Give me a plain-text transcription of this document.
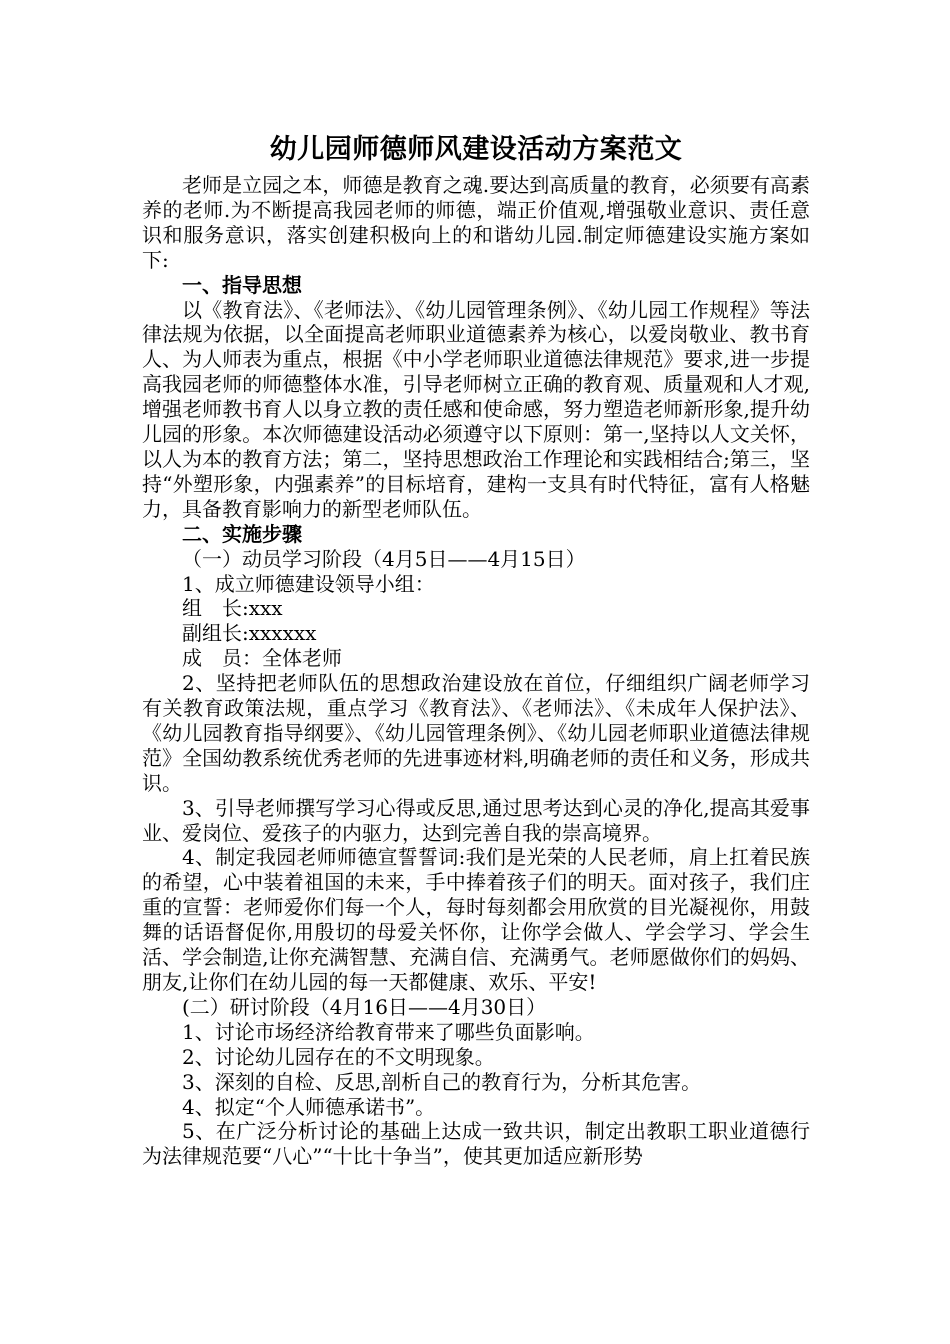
幼儿园师德师风建设活动方案范文

老师是立园之本，师德是教育之魂.要达到高质量的教育，必须要有高素养的老师.为不断提高我园老师的师德，端正价值观,增强敬业意识、责任意识和服务意识，落实创建积极向上的和谐幼儿园.制定师德建设实施方案如下:

一、指导思想

以《教育法》、《老师法》、《幼儿园管理条例》、《幼儿园工作规程》等法律法规为依据，以全面提高老师职业道德素养为核心，以爱岗敬业、教书育人、为人师表为重点，根据《中小学老师职业道德法律规范》要求,进一步提高我园老师的师德整体水准，引导老师树立正确的教育观、质量观和人才观,增强老师教书育人以身立教的责任感和使命感，努力塑造老师新形象,提升幼儿园的形象。本次师德建设活动必须遵守以下原则：第一,坚持以人文关怀，以人为本的教育方法；第二，坚持思想政治工作理论和实践相结合;第三，坚持“外塑形象，内强素养”的目标培育，建构一支具有时代特征，富有人格魅力，具备教育影响力的新型老师队伍。

二、实施步骤

（一）动员学习阶段（4月5日——4月15日）

1、成立师德建设领导小组：

组　长:xxx

副组长:xxxxxx

成　员：全体老师

2、坚持把老师队伍的思想政治建设放在首位，仔细组织广阔老师学习有关教育政策法规，重点学习《教育法》、《老师法》、《未成年人保护法》、《幼儿园教育指导纲要》、《幼儿园管理条例》、《幼儿园老师职业道德法律规范》全国幼教系统优秀老师的先进事迹材料,明确老师的责任和义务，形成共识。

3、引导老师撰写学习心得或反思,通过思考达到心灵的净化,提高其爱事业、爱岗位、爱孩子的内驱力，达到完善自我的崇高境界。

4、制定我园老师师德宣誓誓词:我们是光荣的人民老师，肩上扛着民族的希望，心中装着祖国的未来，手中捧着孩子们的明天。面对孩子，我们庄重的宣誓：老师爱你们每一个人，每时每刻都会用欣赏的目光凝视你，用鼓舞的话语督促你,用殷切的母爱关怀你，让你学会做人、学会学习、学会生活、学会制造,让你充满智慧、充满自信、充满勇气。老师愿做你们的妈妈、朋友,让你们在幼儿园的每一天都健康、欢乐、平安!

(二）研讨阶段（4月16日——4月30日）

1、讨论市场经济给教育带来了哪些负面影响。

2、讨论幼儿园存在的不文明现象。

3、深刻的自检、反思,剖析自己的教育行为，分析其危害。

4、拟定“个人师德承诺书”。

5、在广泛分析讨论的基础上达成一致共识，制定出教职工职业道德行为法律规范要“八心”“十比十争当”，使其更加适应新形势
